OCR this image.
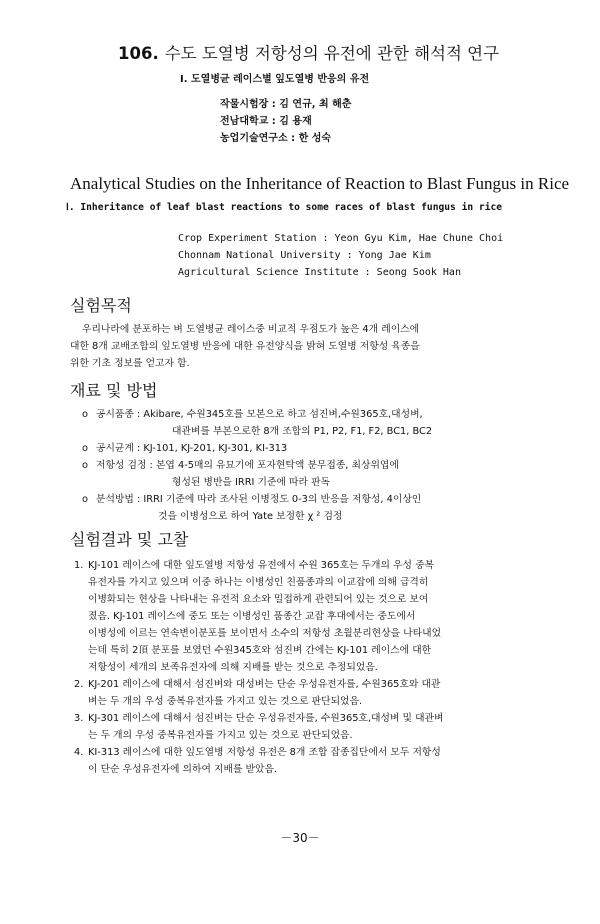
106. 수도 도열병 저항성의 유전에 관한 해석적 연구
Ⅰ. 도열병균 레이스별 잎도열병 반응의 유전
작물시험장 : 김 연규, 최 해춘
전남대학교 : 김 용재
농업기술연구소 : 한 성숙
Analytical Studies on the Inheritance of Reaction to Blast Fungus in Rice
Ⅰ. Inheritance of leaf blast reactions to some races of blast fungus in rice
Crop Experiment Station : Yeon Gyu Kim, Hae Chune Choi
Chonnam National University : Yong Jae Kim
Agricultural Science Institute : Seong Sook Han
실험목적
우리나라에 분포하는 벼 도열병균 레이스중 비교적 우점도가 높은 4개 레이스에
대한 8개 교배조합의 잎도열병 반응에 대한 유전양식을 밝혀 도열병 저항성 육종을
위한 기초 정보를 얻고자 함.
재료 및 방법
o 공시품종 : Akibare, 수원345호를 모본으로 하고 섬진벼,수원365호,대성벼,
대관벼를 부본으로한 8개 조합의 P1, P2, F1, F2, BC1, BC2
o 공시균계 : KJ-101, KJ-201, KJ-301, KI-313
o 저항성 검정 : 본엽 4-5매의 유묘기에 포자현탁액 분무접종, 최상위엽에
형성된 병반을 IRRI 기준에 따라 판독
o 분석방법 : IRRI 기준에 따라 조사된 이병정도 0-3의 반응을 저항성, 4이상인
것을 이병성으로 하여 Yate 보정한 χ ² 검정
실험결과 및 고찰
1. KJ-101 레이스에 대한 잎도열병 저항성 유전에서 수원 365호는 두개의 우성 중복
유전자를 가지고 있으며 이중 하나는 이병성인 친품종과의 이교잡에 의해 급격히
이병화되는 현상을 나타내는 유전적 요소와 밀접하게 관련되어 있는 것으로 보여
졌음. KJ-101 레이스에 중도 또는 이병성인 품종간 교잡 후대에서는 중도에서
이병성에 이르는 연속변이분포를 보이면서 소수의 저항성 초월분리현상을 나타내었
는데 특히 2頂 분포를 보였던 수원345호와 섬진벼 간에는 KJ-101 레이스에 대한
저항성이 세개의 보족유전자에 의해 지배를 받는 것으로 추정되었음.
2. KJ-201 레이스에 대해서 섬진벼와 대성벼는 단순 우성유전자를, 수원365호와 대관
벼는 두 개의 우성 중복유전자를 가지고 있는 것으로 판단되었음.
3. KJ-301 레이스에 대해서 섬진벼는 단순 우성유전자를, 수원365호,대성벼 및 대관벼
는 두 개의 우성 중복유전자를 가지고 있는 것으로 판단되었음.
4. KI-313 레이스에 대한 잎도열병 저항성 유전은 8개 조합 잡종집단에서 모두 저항성
이 단순 우성유전자에 의하여 지배를 받았음.
－30－
